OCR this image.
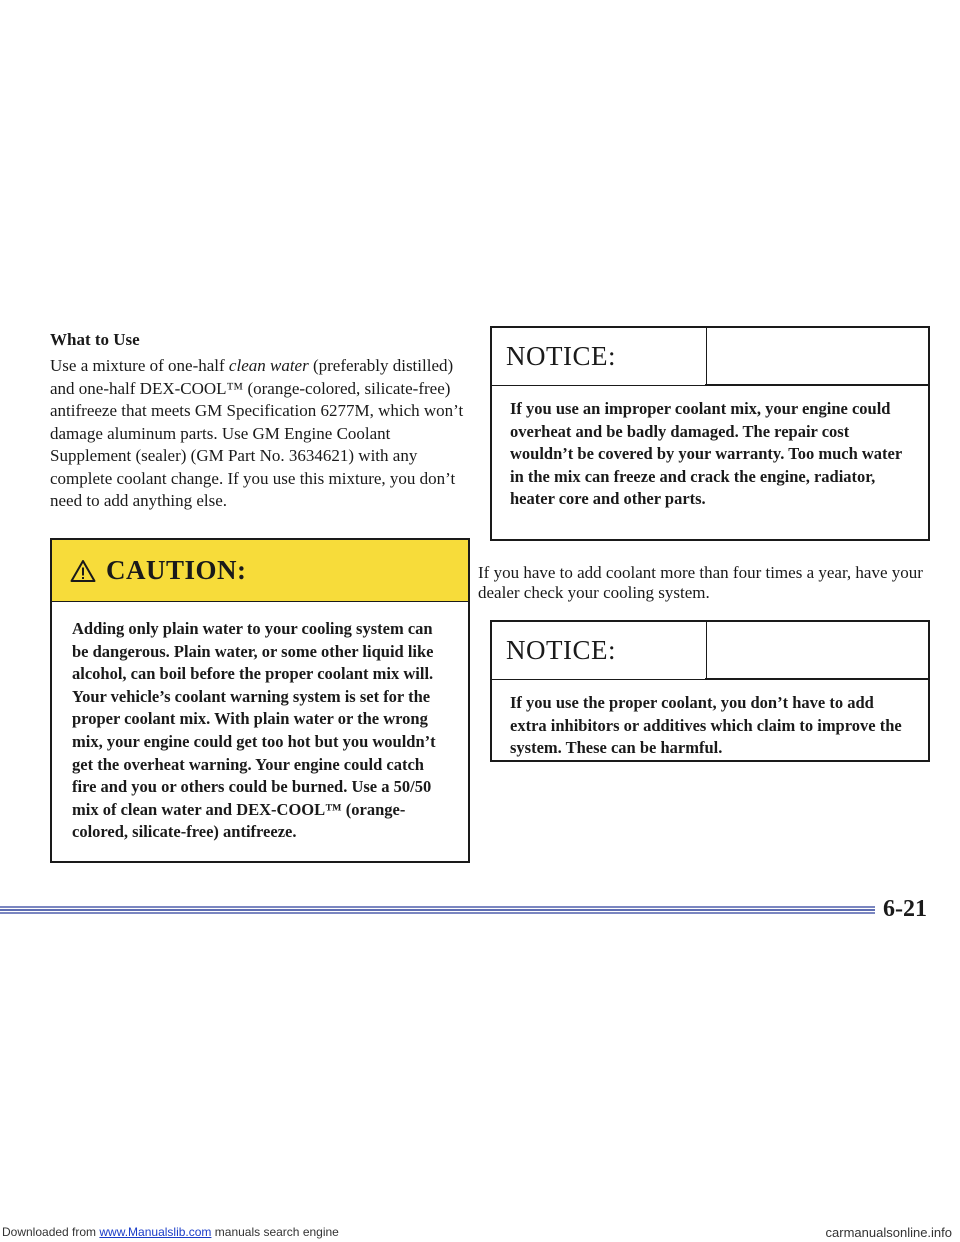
What to Use

Use a mixture of one-half clean water (preferably distilled) and one-half DEX-COOL™ (orange-colored, silicate-free) antifreeze that meets GM Specification 6277M, which won’t damage aluminum parts. Use GM Engine Coolant Supplement (sealer) (GM Part No. 3634621) with any complete coolant change. If you use this mixture, you don’t need to add anything else.

CAUTION:

Adding only plain water to your cooling system can be dangerous. Plain water, or some other liquid like alcohol, can boil before the proper coolant mix will. Your vehicle’s coolant warning system is set for the proper coolant mix. With plain water or the wrong mix, your engine could get too hot but you wouldn’t get the overheat warning. Your engine could catch fire and you or others could be burned. Use a 50/50 mix of clean water and DEX-COOL™ (orange-colored, silicate-free) antifreeze.

NOTICE:

If you use an improper coolant mix, your engine could overheat and be badly damaged. The repair cost wouldn’t be covered by your warranty. Too much water in the mix can freeze and crack the engine, radiator, heater core and other parts.

If you have to add coolant more than four times a year, have your dealer check your cooling system.

NOTICE:

If you use the proper coolant, you don’t have to add extra inhibitors or additives which claim to improve the system. These can be harmful.

6-21

Downloaded from www.Manualslib.com manuals search engine	carmanualsonline.info
